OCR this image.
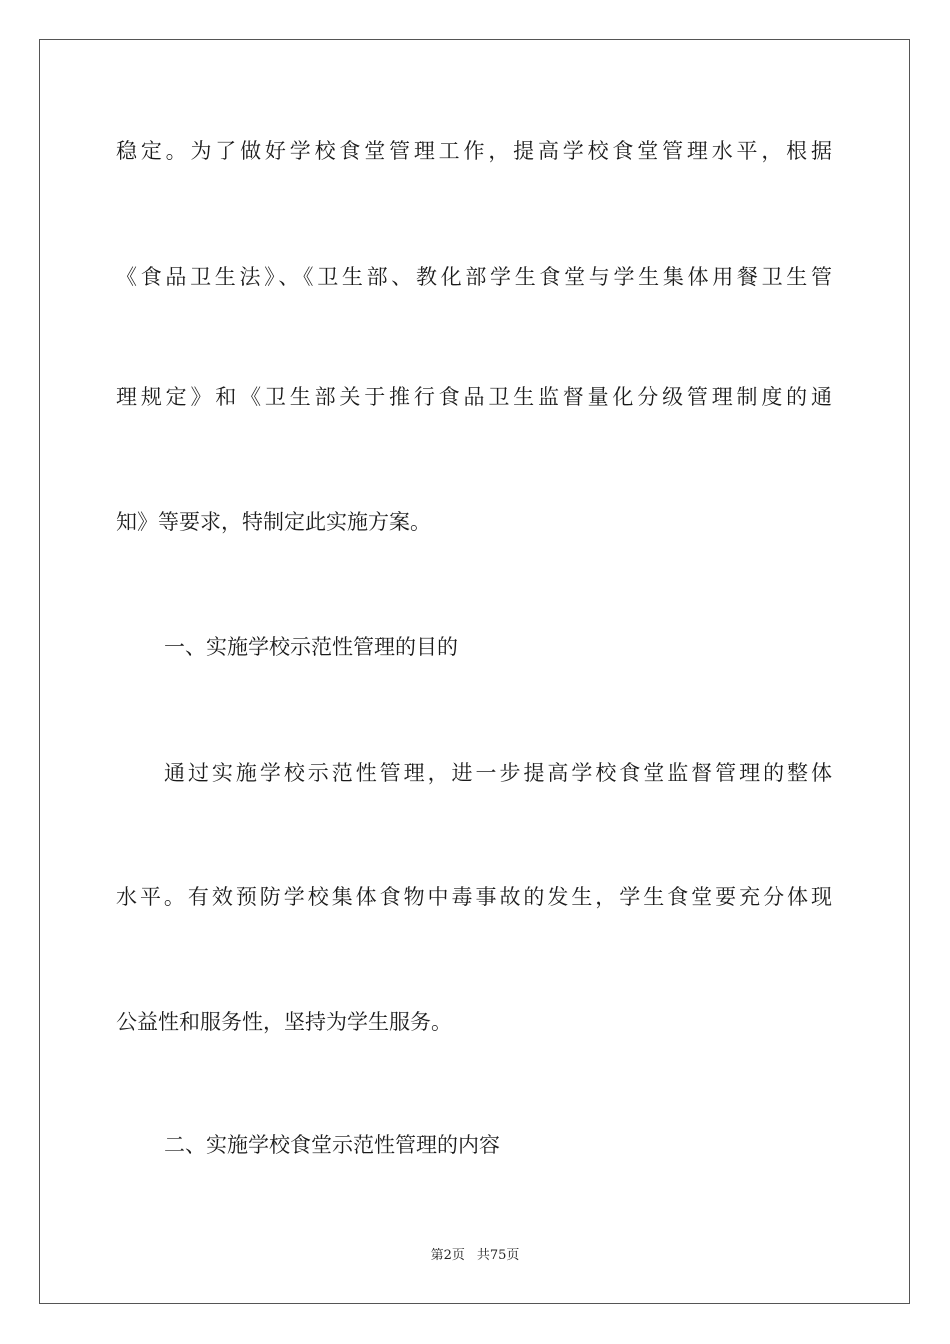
稳定。为了做好学校食堂管理工作，提高学校食堂管理水平，根据
《食品卫生法》、《卫生部、教化部学生食堂与学生集体用餐卫生管
理规定》和《卫生部关于推行食品卫生监督量化分级管理制度的通
知》等要求，特制定此实施方案。
一、实施学校示范性管理的目的
通过实施学校示范性管理，进一步提高学校食堂监督管理的整体
水平。有效预防学校集体食物中毒事故的发生，学生食堂要充分体现
公益性和服务性，坚持为学生服务。
二、实施学校食堂示范性管理的内容
第2页 共75页
